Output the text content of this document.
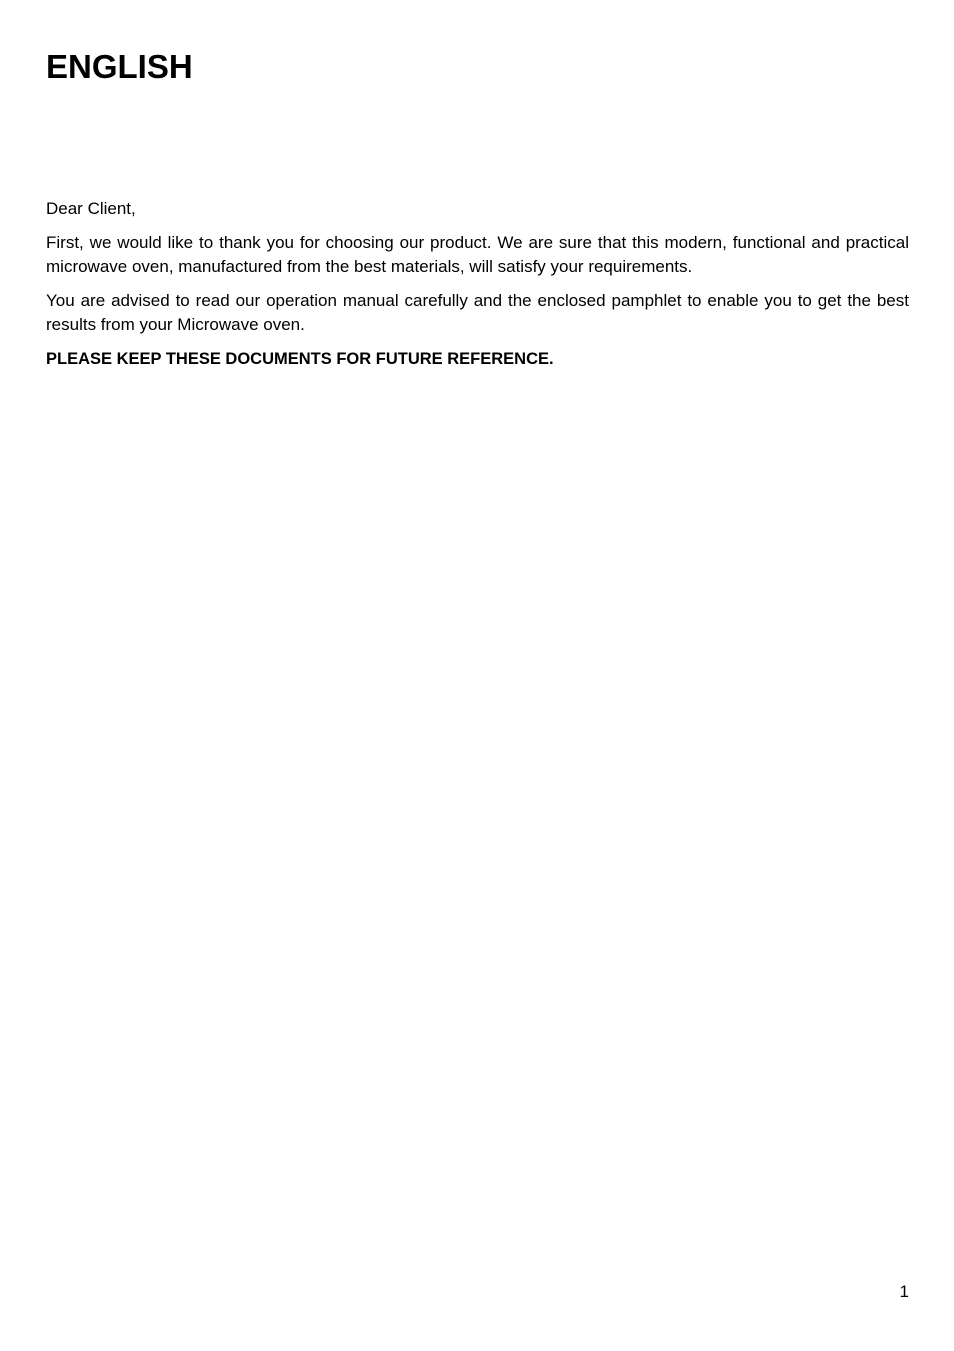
ENGLISH

Dear Client,

First, we would like to thank you for choosing our product. We are sure that this modern, functional and practical microwave oven, manufactured from the best materials, will satisfy your requirements.

You are advised to read our operation manual carefully and the enclosed pamphlet to enable you to get the best results from your Microwave oven.

PLEASE KEEP THESE DOCUMENTS FOR FUTURE REFERENCE.

1
